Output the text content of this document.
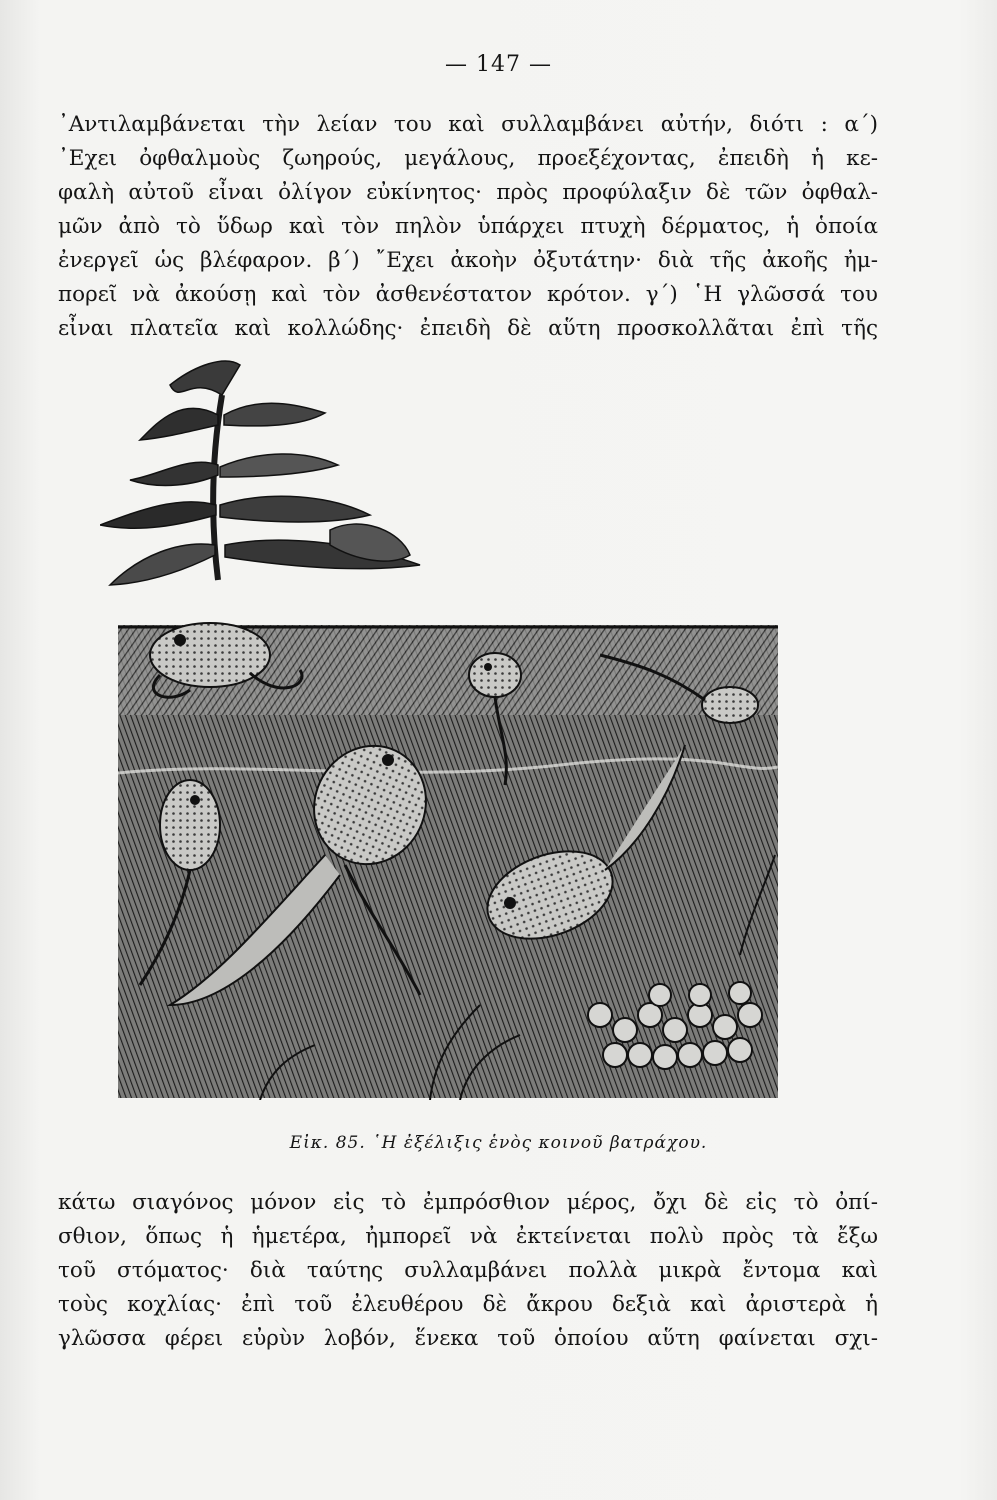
— 147 —
᾿Αντιλαμβάνεται τὴν λείαν του καὶ συλλαμβάνει αὐτήν, διότι : α΄)
᾿Εχει ὀφθαλμοὺς ζωηρούς, μεγάλους, προεξέχοντας, ἐπειδὴ ἡ κε-
φαλὴ αὐτοῦ εἶναι ὀλίγον εὐκίνητος· πρὸς προφύλαξιν δὲ τῶν ὀφθαλ-
μῶν ἀπὸ τὸ ὕδωρ καὶ τὸν πηλὸν ὑπάρχει πτυχὴ δέρματος, ἡ ὁποία
ἐνεργεῖ ὡς βλέφαρον. β΄) ῎Εχει ἀκοὴν ὀξυτάτην· διὰ τῆς ἀκοῆς ἠμ-
πορεῖ νὰ ἀκούσῃ καὶ τὸν ἀσθενέστατον κρότον. γ΄) ῾Η γλῶσσά του
εἶναι πλατεῖα καὶ κολλώδης· ἐπειδὴ δὲ αὕτη προσκολλᾶται ἐπὶ τῆς
Εἰκ. 85. ῾Η ἐξέλιξις ἑνὸς κοινοῦ βατράχου.
κάτω σιαγόνος μόνον εἰς τὸ ἐμπρόσθιον μέρος, ὄχι δὲ εἰς τὸ ὀπί-
σθιον, ὅπως ἡ ἡμετέρα, ἠμπορεῖ νὰ ἐκτείνεται πολὺ πρὸς τὰ ἔξω
τοῦ στόματος· διὰ ταύτης συλλαμβάνει πολλὰ μικρὰ ἔντομα καὶ
τοὺς κοχλίας· ἐπὶ τοῦ ἐλευθέρου δὲ ἄκρου δεξιὰ καὶ ἀριστερὰ ἡ
γλῶσσα φέρει εὐρὺν λοβόν, ἕνεκα τοῦ ὁποίου αὕτη φαίνεται σχι-
